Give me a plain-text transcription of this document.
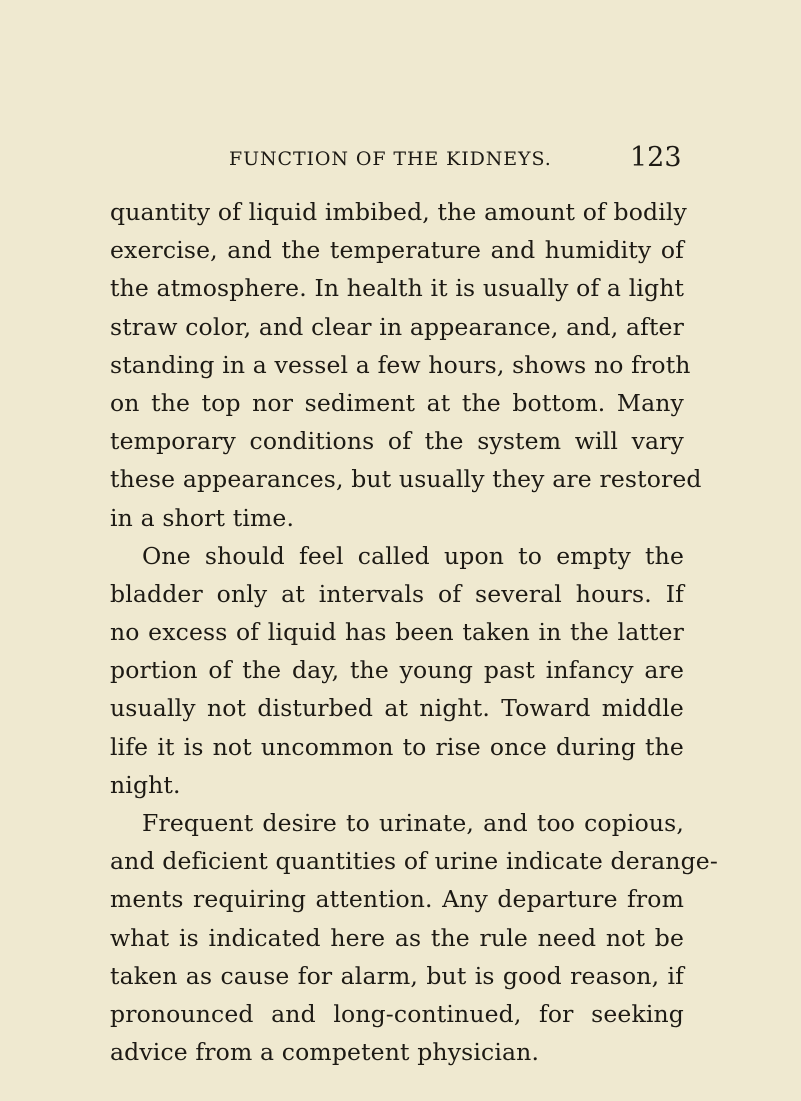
FUNCTION OF THE KIDNEYS.	123
quantity of liquid imbibed, the amount of bodily
exercise, and the temperature and humidity of
the atmosphere. In health it is usually of a light
straw color, and clear in appearance, and, after
standing in a vessel a few hours, shows no froth
on the top nor sediment at the bottom. Many
temporary conditions of the system will vary
these appearances, but usually they are restored
in a short time.
One should feel called upon to empty the
bladder only at intervals of several hours. If
no excess of liquid has been taken in the latter
portion of the day, the young past infancy are
usually not disturbed at night. Toward middle
life it is not uncommon to rise once during the
night.
Frequent desire to urinate, and too copious,
and deficient quantities of urine indicate derange-
ments requiring attention. Any departure from
what is indicated here as the rule need not be
taken as cause for alarm, but is good reason, if
pronounced and long-continued, for seeking
advice from a competent physician.
